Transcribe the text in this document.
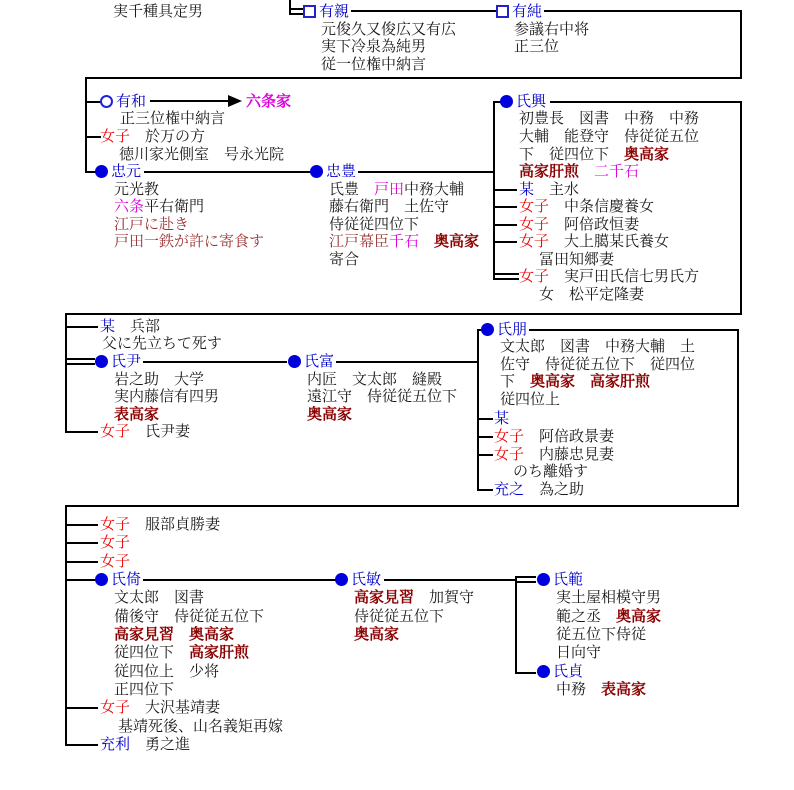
実千種具定男
六条家
有親
元俊久又俊広又有広
実下冷泉為純男
従一位権中納言
有純
参議右中将
正三位
有和
正三位権中納言
女子　於万の方
徳川家光側室　号永光院
忠元
元光教
六条平右衛門
江戸に赴き
戸田一鉄が許に寄食す
忠豊
氏豊　戸田中務大輔
藤右衛門　土佐守
侍従従四位下
江戸幕臣千石　奥高家
寄合
氏興
初豊長　図書　中務　中務
大輔　能登守　侍従従五位
下　従四位下　奥高家
高家肝煎　二千石
某　主水
女子　中条信慶養女
女子　阿倍政恒妻
女子　大上臈某氏養女
冨田知郷妻
女子　実戸田氏信七男氏方
女　松平定隆妻
某　兵部
父に先立ちて死す
氏尹
岩之助　大学
実内藤信有四男
表高家
女子　氏尹妻
氏富
内匠　文太郎　縫殿
遠江守　侍従従五位下
奥高家
氏朋
文太郎　図書　中務大輔　土
佐守　侍従従五位下　従四位
下　奥高家　高家肝煎
従四位上
某
女子　阿倍政景妻
女子　内藤忠見妻
のち離婚す
充之　為之助
女子　服部貞勝妻
女子
女子
氏倚
文太郎　図書
備後守　侍従従五位下
高家見習　奥高家
従四位下　高家肝煎
従四位上　少将
正四位下
女子　大沢基靖妻
基靖死後、山名義矩再嫁
充利　勇之進
氏敏
高家見習　加賀守
侍従従五位下
奥高家
氏範
実土屋相模守男
範之丞　奥高家
従五位下侍従
日向守
氏貞
中務　表高家
